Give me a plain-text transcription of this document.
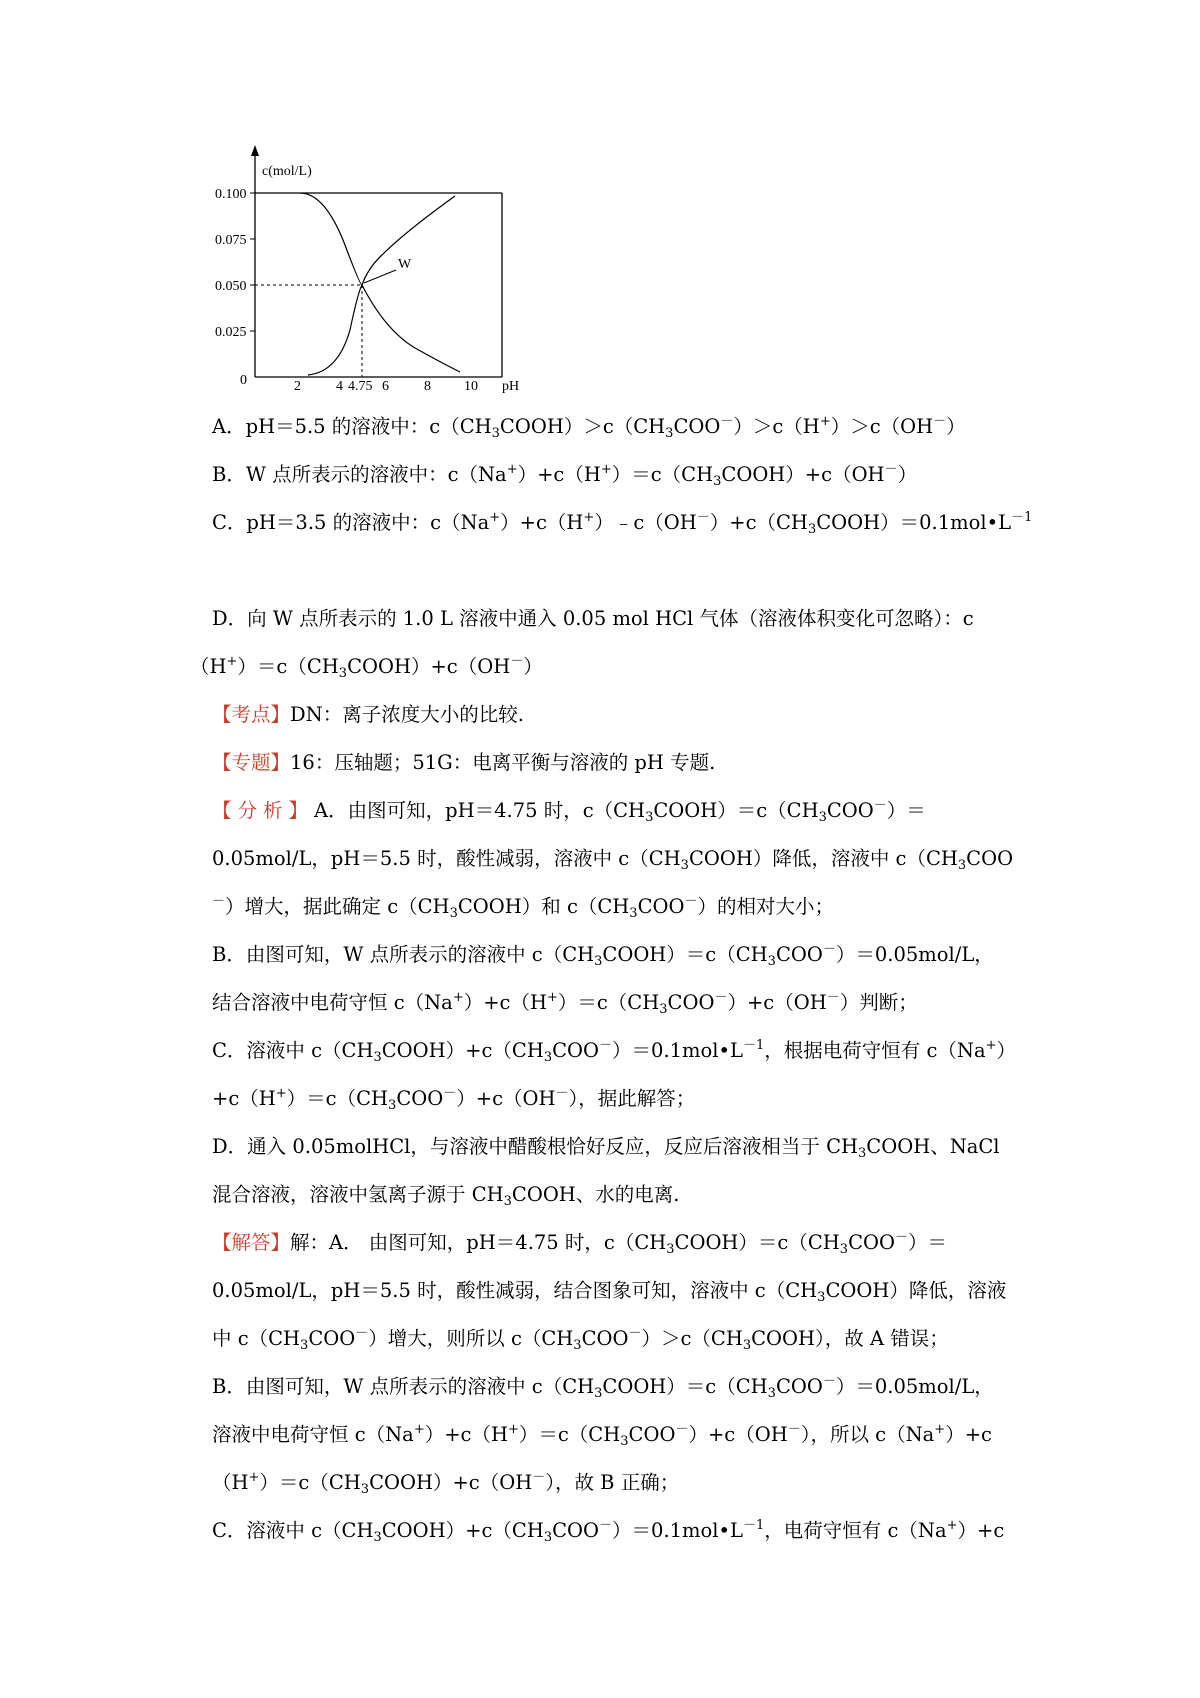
W
c(mol/L)
0.100
0.075
0.050
0.025
0	2	4 4.75 6	8 10 pH
A．pH＝5.5 的溶液中：$c(CH_3COOH)>c(CH_3COO^-)>c(H^+)>c(OH^-)$
B．W 点所表示的溶液中：$c(Na^+)+c(H^+)=c(CH_3COOH)+c(OH^-)$
C．pH＝3.5 的溶液中：$c(Na^+)+c(H^+)﹣c(OH^-)+c(CH_3COOH)=0.1mol•L^{-1}$
D．向 W 点所表示的 1.0 L 溶液中通入 0.05 mol HCl 气体（溶液体积变化可忽略）：c
$(H^+)=c(CH_3COOH)+c(OH^-)$
【考点】DN：离子浓度大小的比较.
【专题】16：压轴题；51G：电离平衡与溶液的 pH 专题.
【分析】A．由图可知，pH＝4.75 时，$c(CH_3COOH)=c(CH_3COO^-)=$
0.05mol/L，pH＝5.5 时，酸性减弱，溶液中 $c(CH_3COOH)$降低，溶液中 $c(CH_3COO$
－）增大，据此确定 $c(CH_3COOH)$和 $c(CH_3COO^-)$的相对大小；
B．由图可知，W 点所表示的溶液中 $c(CH_3COOH)=c(CH_3COO^-)=0.05mol/L$，
结合溶液中电荷守恒 $c(Na^+)+c(H^+)=c(CH_3COO^-)+c(OH^-)$判断；
C．溶液中 $c(CH_3COOH)+c(CH_3COO^-)=0.1mol•L^{-1}$，根据电荷守恒有 c（Na+）
$+c(H^+)=c(CH_3COO^-)+c(OH^-)$，据此解答；
D．通入 0.05molHCl，与溶液中醋酸根恰好反应，反应后溶液相当于 $CH_3COOH$、NaCl
混合溶液，溶液中氢离子源于 $CH_3COOH$、水的电离.
【解答】解：A． 由图可知，pH＝4.75 时，$c(CH_3COOH)=c(CH_3COO^-)=$
0.05mol/L，pH＝5.5 时，酸性减弱，结合图象可知，溶液中 $c(CH_3COOH)$降低，溶液
中 $c(CH_3COO^-)$增大，则所以 $c(CH_3COO^-)>c(CH_3COOH)$，故 A 错误；
B．由图可知，W 点所表示的溶液中 $c(CH_3COOH)=c(CH_3COO^-)=0.05mol/L$，
溶液中电荷守恒 $c(Na^+)+c(H^+)=c(CH_3COO^-)+c(OH^-)$，所以 c（Na+）+c
$(H^+)=c(CH_3COOH)+c(OH^-)$，故 B 正确；
C．溶液中 $c(CH_3COOH)+c(CH_3COO^-)=0.1mol•L^{-1}$，电荷守恒有 c（Na+）+c
